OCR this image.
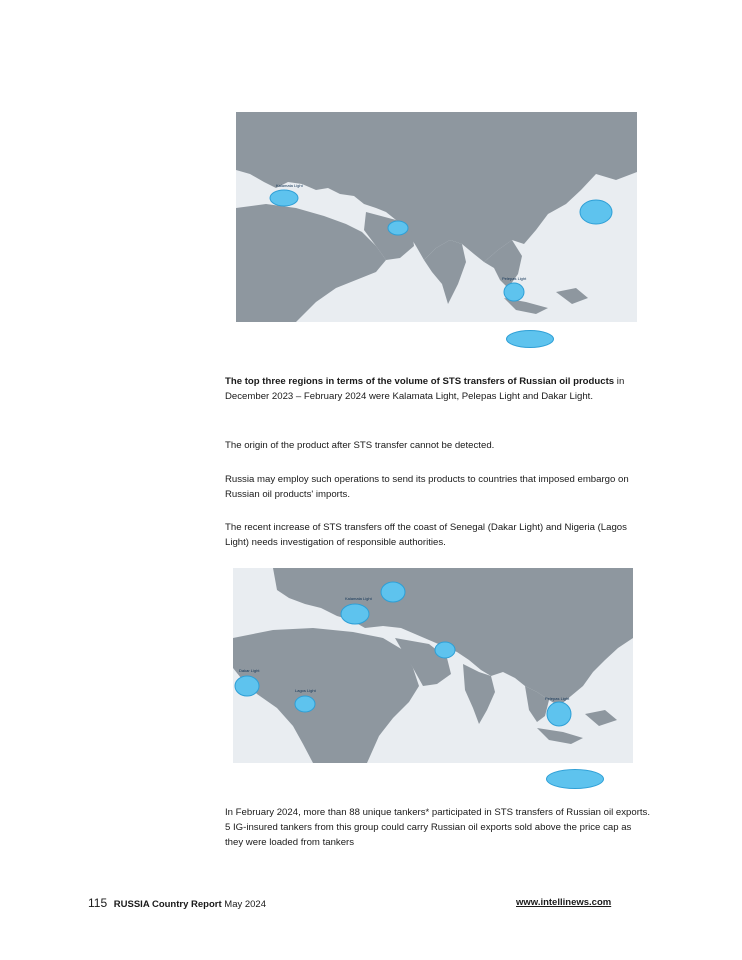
Kalamata Light
Pelepas Light

The top three regions in terms of the volume of STS transfers of Russian oil products in December 2023 – February 2024 were Kalamata Light, Pelepas Light and Dakar Light.

The origin of the product after STS transfer cannot be detected.

Russia may employ such operations to send its products to countries that imposed embargo on Russian oil products' imports.

The recent increase of STS transfers off the coast of Senegal (Dakar Light) and Nigeria (Lagos Light) needs investigation of responsible authorities.

Kalamata Light
Dakar Light
Lagos Light
Pelepas Light

In February 2024, more than 88 unique tankers* participated in STS transfers of Russian oil exports. 5 IG-insured tankers from this group could carry Russian oil exports sold above the price cap as they were loaded from tankers

115 RUSSIA Country Report May 2024	www.intellinews.com
